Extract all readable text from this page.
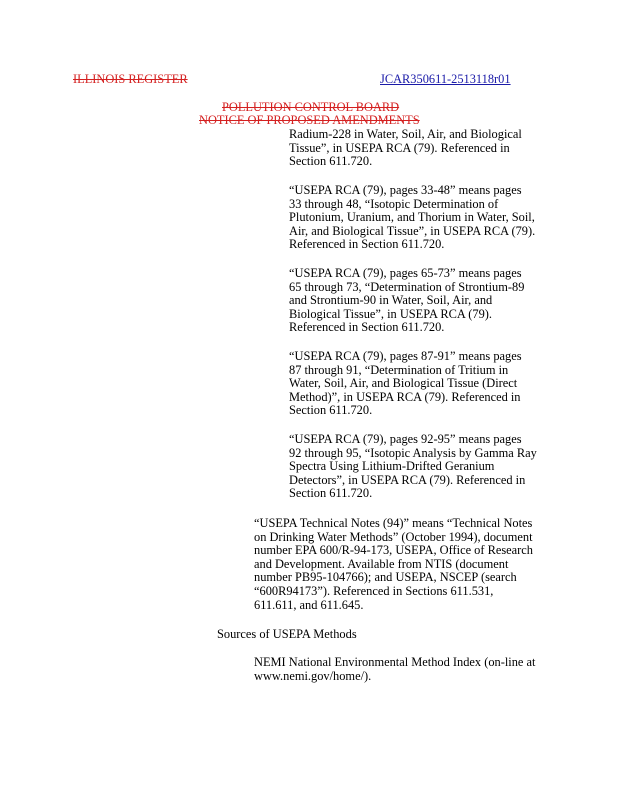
ILLINOIS REGISTER	JCAR350611-2513118r01
POLLUTION CONTROL BOARD
NOTICE OF PROPOSED AMENDMENTS
Radium-228 in Water, Soil, Air, and Biological
Tissue”, in USEPA RCA (79). Referenced in
Section 611.720.
“USEPA RCA (79), pages 33-48” means pages
33 through 48, “Isotopic Determination of
Plutonium, Uranium, and Thorium in Water, Soil,
Air, and Biological Tissue”, in USEPA RCA (79).
Referenced in Section 611.720.
“USEPA RCA (79), pages 65-73” means pages
65 through 73, “Determination of Strontium-89
and Strontium-90 in Water, Soil, Air, and
Biological Tissue”, in USEPA RCA (79).
Referenced in Section 611.720.
“USEPA RCA (79), pages 87-91” means pages
87 through 91, “Determination of Tritium in
Water, Soil, Air, and Biological Tissue (Direct
Method)”, in USEPA RCA (79). Referenced in
Section 611.720.
“USEPA RCA (79), pages 92-95” means pages
92 through 95, “Isotopic Analysis by Gamma Ray
Spectra Using Lithium-Drifted Geranium
Detectors”, in USEPA RCA (79). Referenced in
Section 611.720.
“USEPA Technical Notes (94)” means “Technical Notes
on Drinking Water Methods” (October 1994), document
number EPA 600/R-94-173, USEPA, Office of Research
and Development. Available from NTIS (document
number PB95-104766); and USEPA, NSCEP (search
“600R94173”). Referenced in Sections 611.531,
611.611, and 611.645.
Sources of USEPA Methods
NEMI National Environmental Method Index (on-line at
www.nemi.gov/home/).
